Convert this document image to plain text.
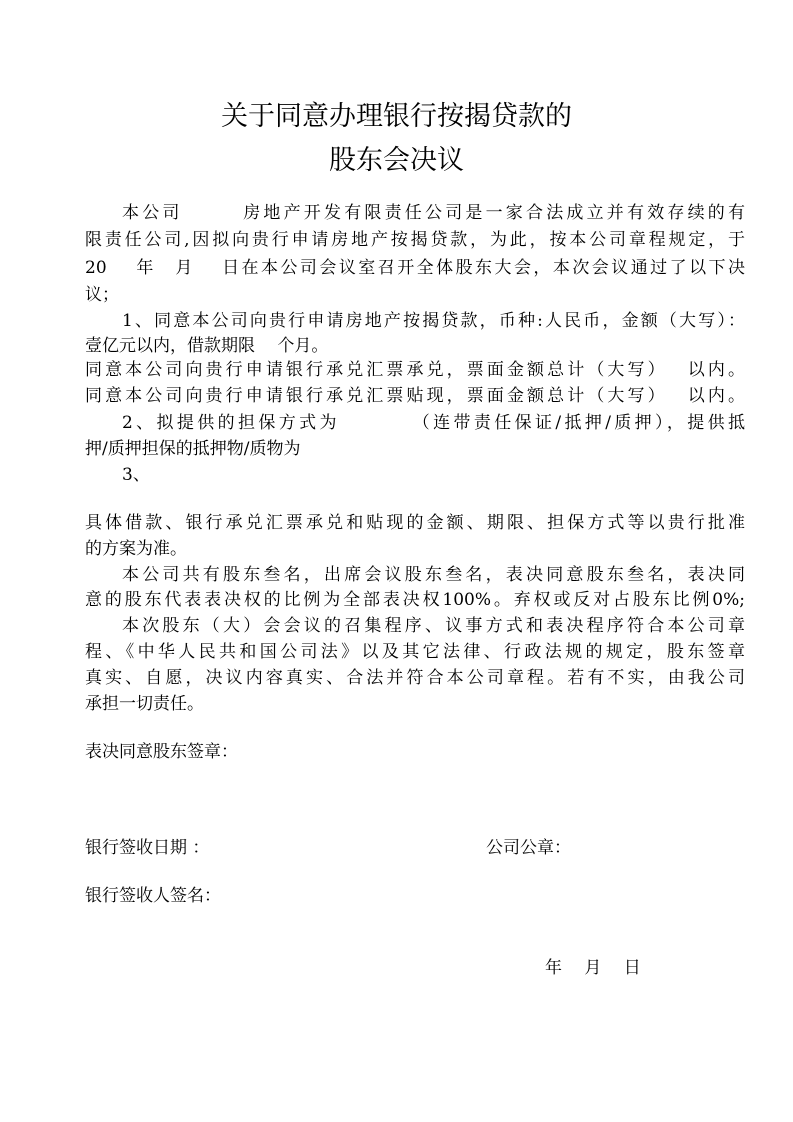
关于同意办理银行按揭贷款的
股东会决议
本公司　　　房地产开发有限责任公司是一家合法成立并有效存续的有
限责任公司,因拟向贵行申请房地产按揭贷款，为此，按本公司章程规定，于
20　 年　月　 日在本公司会议室召开全体股东大会，本次会议通过了以下决
议；
1、同意本公司向贵行申请房地产按揭贷款，币种:人民币，金额（大写）：
壹亿元以内，借款期限　 个月。
同意本公司向贵行申请银行承兑汇票承兑，票面金额总计（大写）　 以内。
同意本公司向贵行申请银行承兑汇票贴现，票面金额总计（大写）　 以内。
2、拟提供的担保方式为　　　　（连带责任保证/抵押/质押），提供抵
押/质押担保的抵押物/质物为
3、
具体借款、银行承兑汇票承兑和贴现的金额、期限、担保方式等以贵行批准
的方案为准。
本公司共有股东叁名，出席会议股东叁名，表决同意股东叁名，表决同
意的股东代表表决权的比例为全部表决权100%。弃权或反对占股东比例0%;
本次股东（大）会会议的召集程序、议事方式和表决程序符合本公司章
程、《中华人民共和国公司法》以及其它法律、行政法规的规定，股东签章
真实、自愿，决议内容真实、合法并符合本公司章程。若有不实，由我公司
承担一切责任。
表决同意股东签章：
银行签收日期 ：	公司公章：
银行签收人签名：
年　 月　 日
